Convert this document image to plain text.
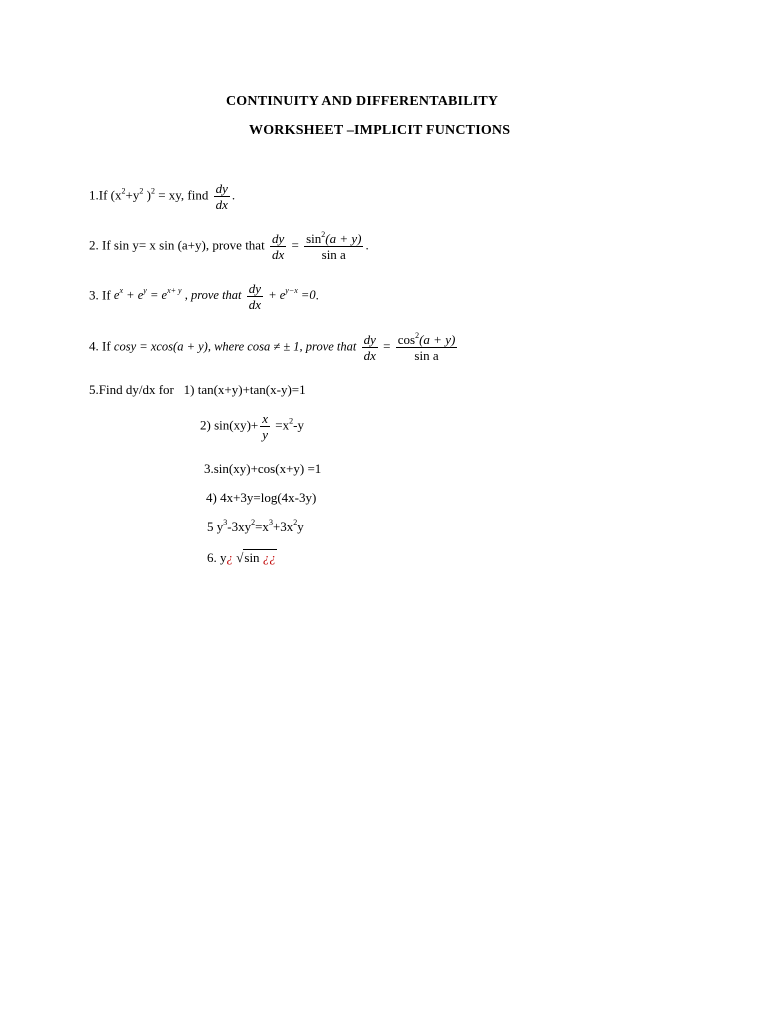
CONTINUITY AND DIFFERENTABILITY
WORKSHEET –IMPLICIT FUNCTIONS
1.If ($x^2+y^2$ )$^2$ = xy, find $\frac{dy}{dx}$ .
2. If sin y= x sin (a+y), prove that $\frac{dy}{dx} = \frac{\sin^2(a + y)}{\text{sin a}}$ .
3. If $e^x + e^y = e^{x+ y}$ , prove that $\frac{dy}{dx} + e^{y-x} =0$.
4. If cosy = xcos(a + y), where cosa ≠ ± 1, prove that $\frac{dy}{dx} = \frac{\cos^2(a + y)}{\text{sin a}}$
5.Find dy/dx for 1) tan(x+y)+tan(x-y)=1
2) $\sin(xy)+ \frac{x}{y} =x^2-y$
3.sin(xy)+cos(x+y) =1
4) 4x+3y=log(4x-3y)
5 $y^3-3xy^2=x^3+3x^2y$
6. y¿ √sin ¿¿
